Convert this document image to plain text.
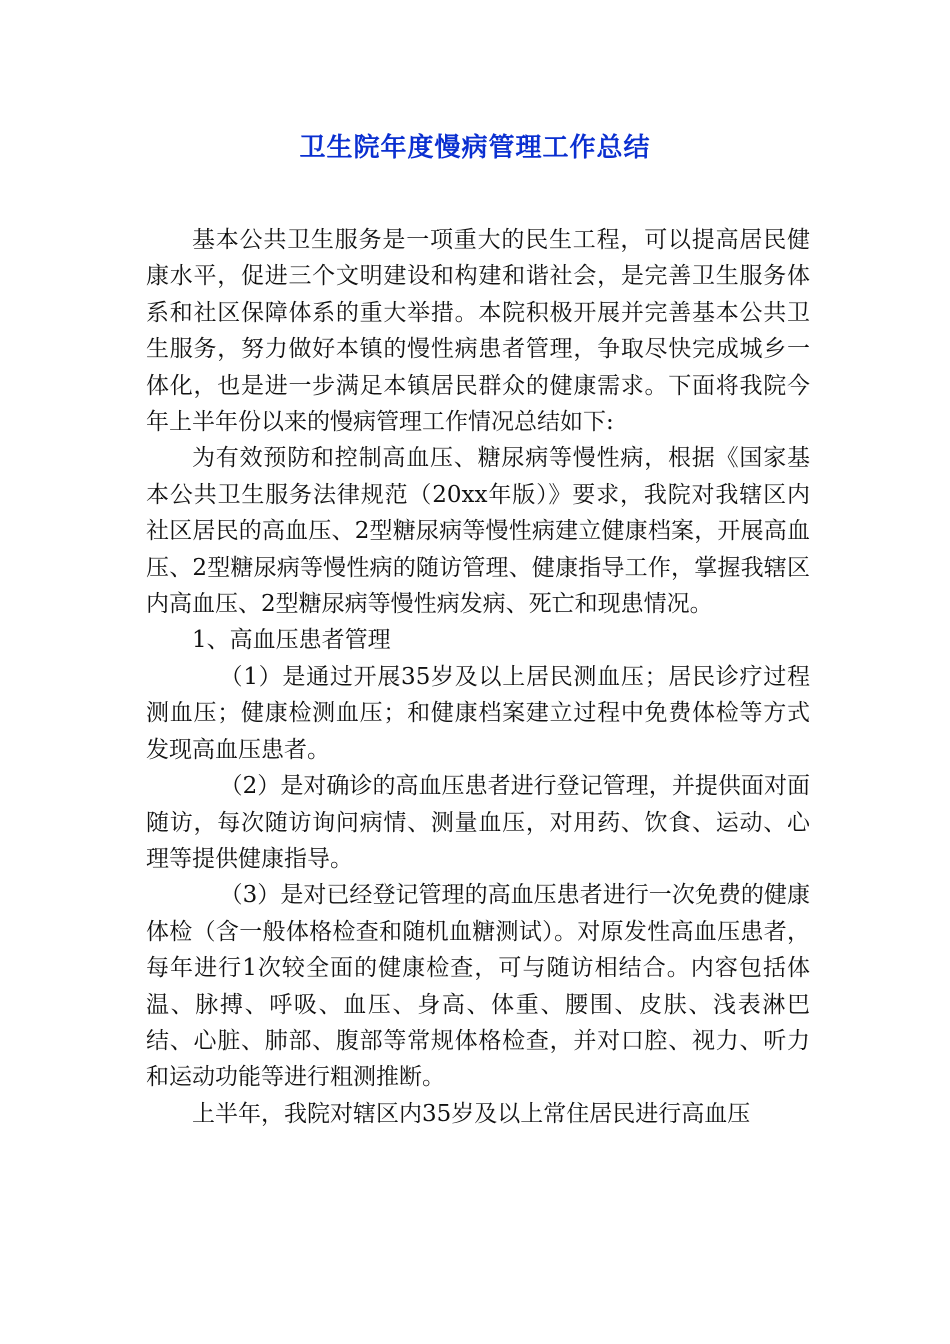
卫生院年度慢病管理工作总结

基本公共卫生服务是一项重大的民生工程，可以提高居民健康水平，促进三个文明建设和构建和谐社会，是完善卫生服务体系和社区保障体系的重大举措。本院积极开展并完善基本公共卫生服务，努力做好本镇的慢性病患者管理，争取尽快完成城乡一体化，也是进一步满足本镇居民群众的健康需求。下面将我院今年上半年份以来的慢病管理工作情况总结如下:

为有效预防和控制高血压、糖尿病等慢性病，根据《国家基本公共卫生服务法律规范（20xx年版）》要求，我院对我辖区内社区居民的高血压、2型糖尿病等慢性病建立健康档案，开展高血压、2型糖尿病等慢性病的随访管理、健康指导工作，掌握我辖区内高血压、2型糖尿病等慢性病发病、死亡和现患情况。

1、高血压患者管理

（1）是通过开展35岁及以上居民测血压；居民诊疗过程测血压；健康检测血压；和健康档案建立过程中免费体检等方式发现高血压患者。

（2）是对确诊的高血压患者进行登记管理，并提供面对面随访，每次随访询问病情、测量血压，对用药、饮食、运动、心理等提供健康指导。

（3）是对已经登记管理的高血压患者进行一次免费的健康体检（含一般体格检查和随机血糖测试）。对原发性高血压患者，每年进行1次较全面的健康检查，可与随访相结合。内容包括体温、脉搏、呼吸、血压、身高、体重、腰围、皮肤、浅表淋巴结、心脏、肺部、腹部等常规体格检查，并对口腔、视力、听力和运动功能等进行粗测推断。

上半年，我院对辖区内35岁及以上常住居民进行高血压
